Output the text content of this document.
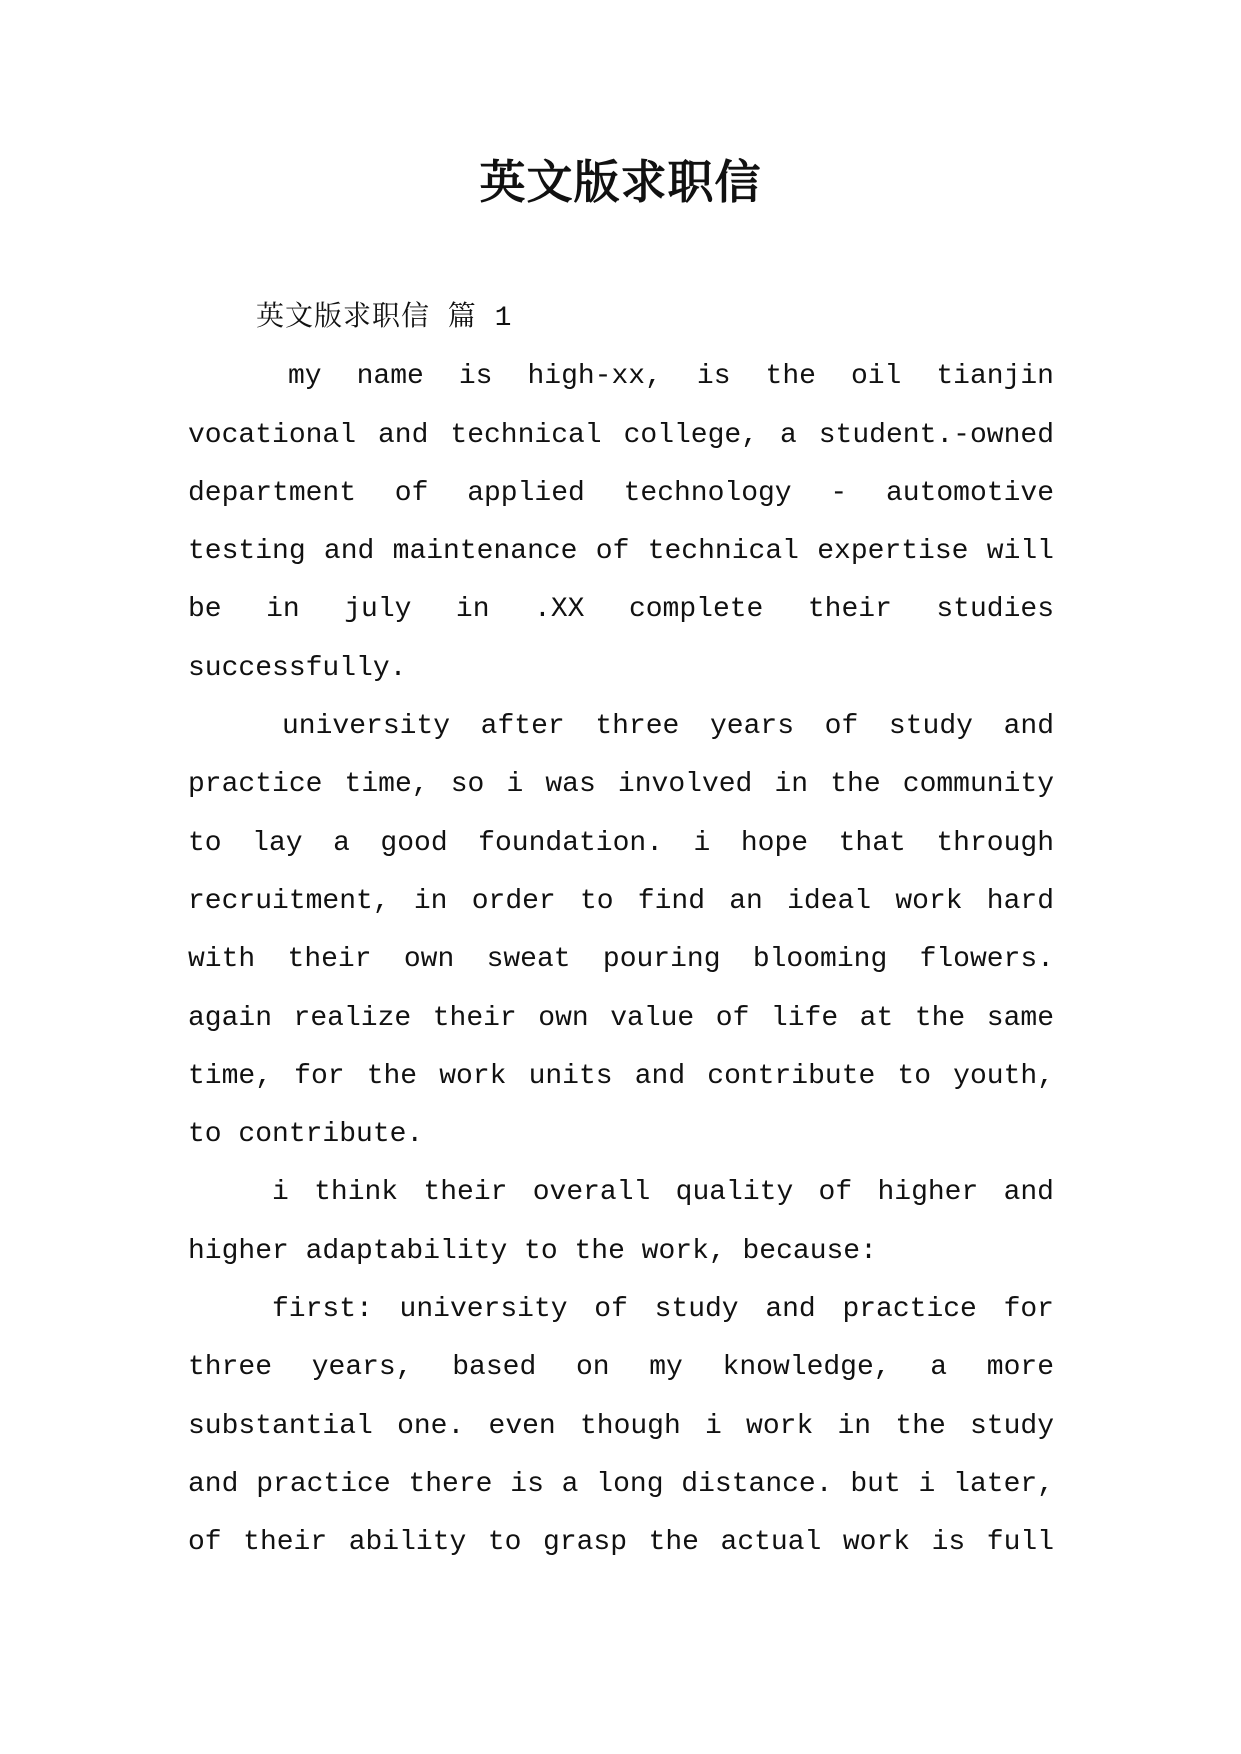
英文版求职信
英文版求职信 篇 1
my name is high-xx, is the oil tianjin
vocational and technical college, a student.-owned
department of applied technology - automotive
testing and maintenance of technical expertise will
be in july in .XX complete their studies
successfully.
university after three years of study and
practice time, so i was involved in the community
to lay a good foundation. i hope that through
recruitment, in order to find an ideal work hard
with their own sweat pouring blooming flowers.
again realize their own value of life at the same
time, for the work units and contribute to youth,
to contribute.
i think their overall quality of higher and
higher adaptability to the work, because:
first: university of study and practice for
three years, based on my knowledge, a more
substantial one. even though i work in the study
and practice there is a long distance. but i later,
of their ability to grasp the actual work is full
